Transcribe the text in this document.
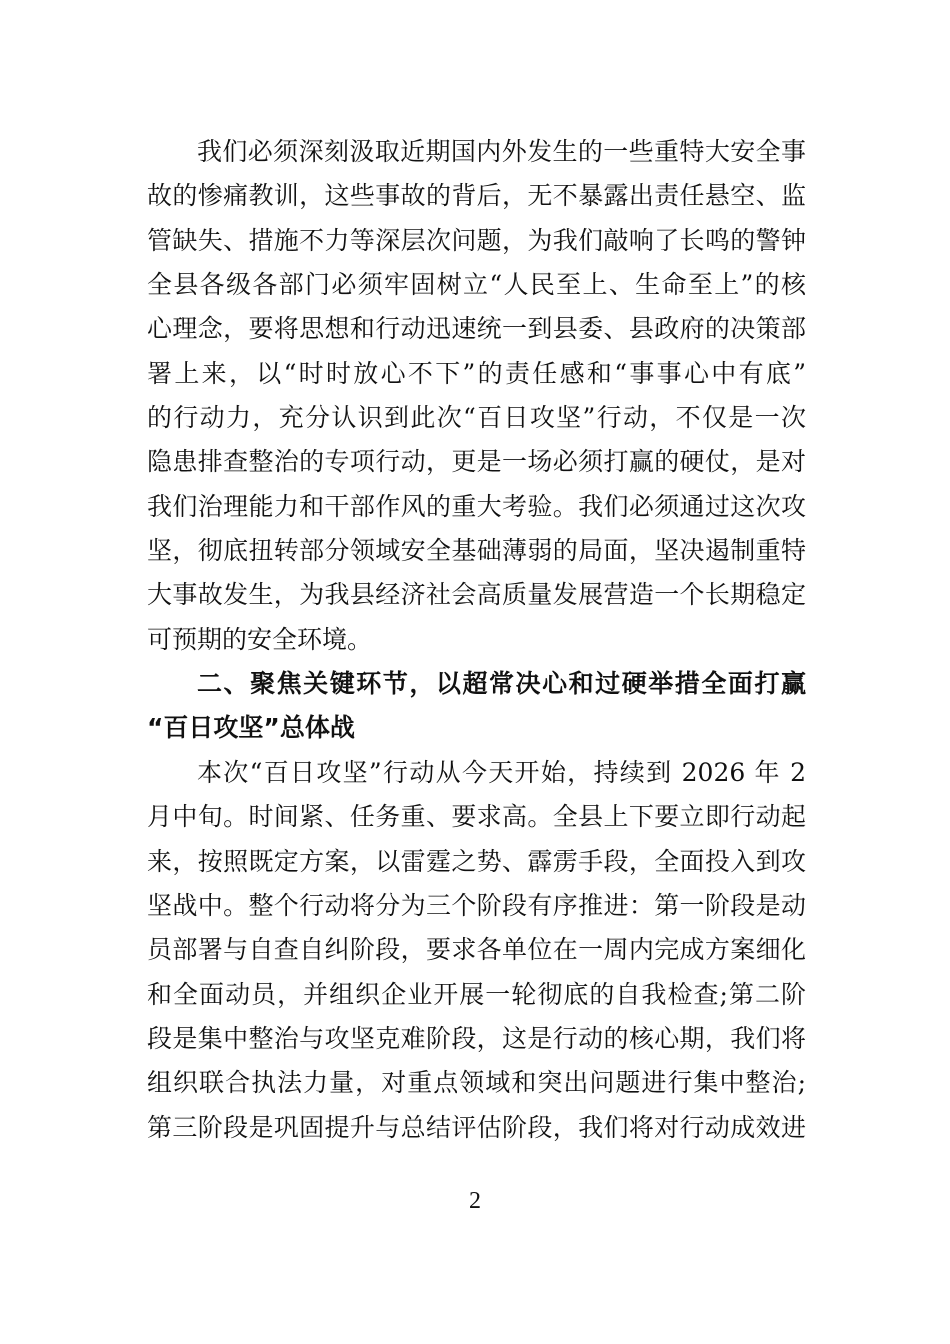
我们必须深刻汲取近期国内外发生的一些重特大安全事
故的惨痛教训，这些事故的背后，无不暴露出责任悬空、监
管缺失、措施不力等深层次问题，为我们敲响了长鸣的警钟
全县各级各部门必须牢固树立“人民至上、生命至上”的核
心理念，要将思想和行动迅速统一到县委、县政府的决策部
署上来，以“时时放心不下”的责任感和“事事心中有底”
的行动力，充分认识到此次“百日攻坚”行动，不仅是一次
隐患排查整治的专项行动，更是一场必须打赢的硬仗，是对
我们治理能力和干部作风的重大考验。我们必须通过这次攻
坚，彻底扭转部分领域安全基础薄弱的局面，坚决遏制重特
大事故发生，为我县经济社会高质量发展营造一个长期稳定
可预期的安全环境。
二、聚焦关键环节，以超常决心和过硬举措全面打赢
“百日攻坚”总体战
本次“百日攻坚”行动从今天开始，持续到 2026 年 2
月中旬。时间紧、任务重、要求高。全县上下要立即行动起
来，按照既定方案，以雷霆之势、霹雳手段，全面投入到攻
坚战中。整个行动将分为三个阶段有序推进：第一阶段是动
员部署与自查自纠阶段，要求各单位在一周内完成方案细化
和全面动员，并组织企业开展一轮彻底的自我检查;第二阶
段是集中整治与攻坚克难阶段，这是行动的核心期，我们将
组织联合执法力量，对重点领域和突出问题进行集中整治;
第三阶段是巩固提升与总结评估阶段，我们将对行动成效进
2
